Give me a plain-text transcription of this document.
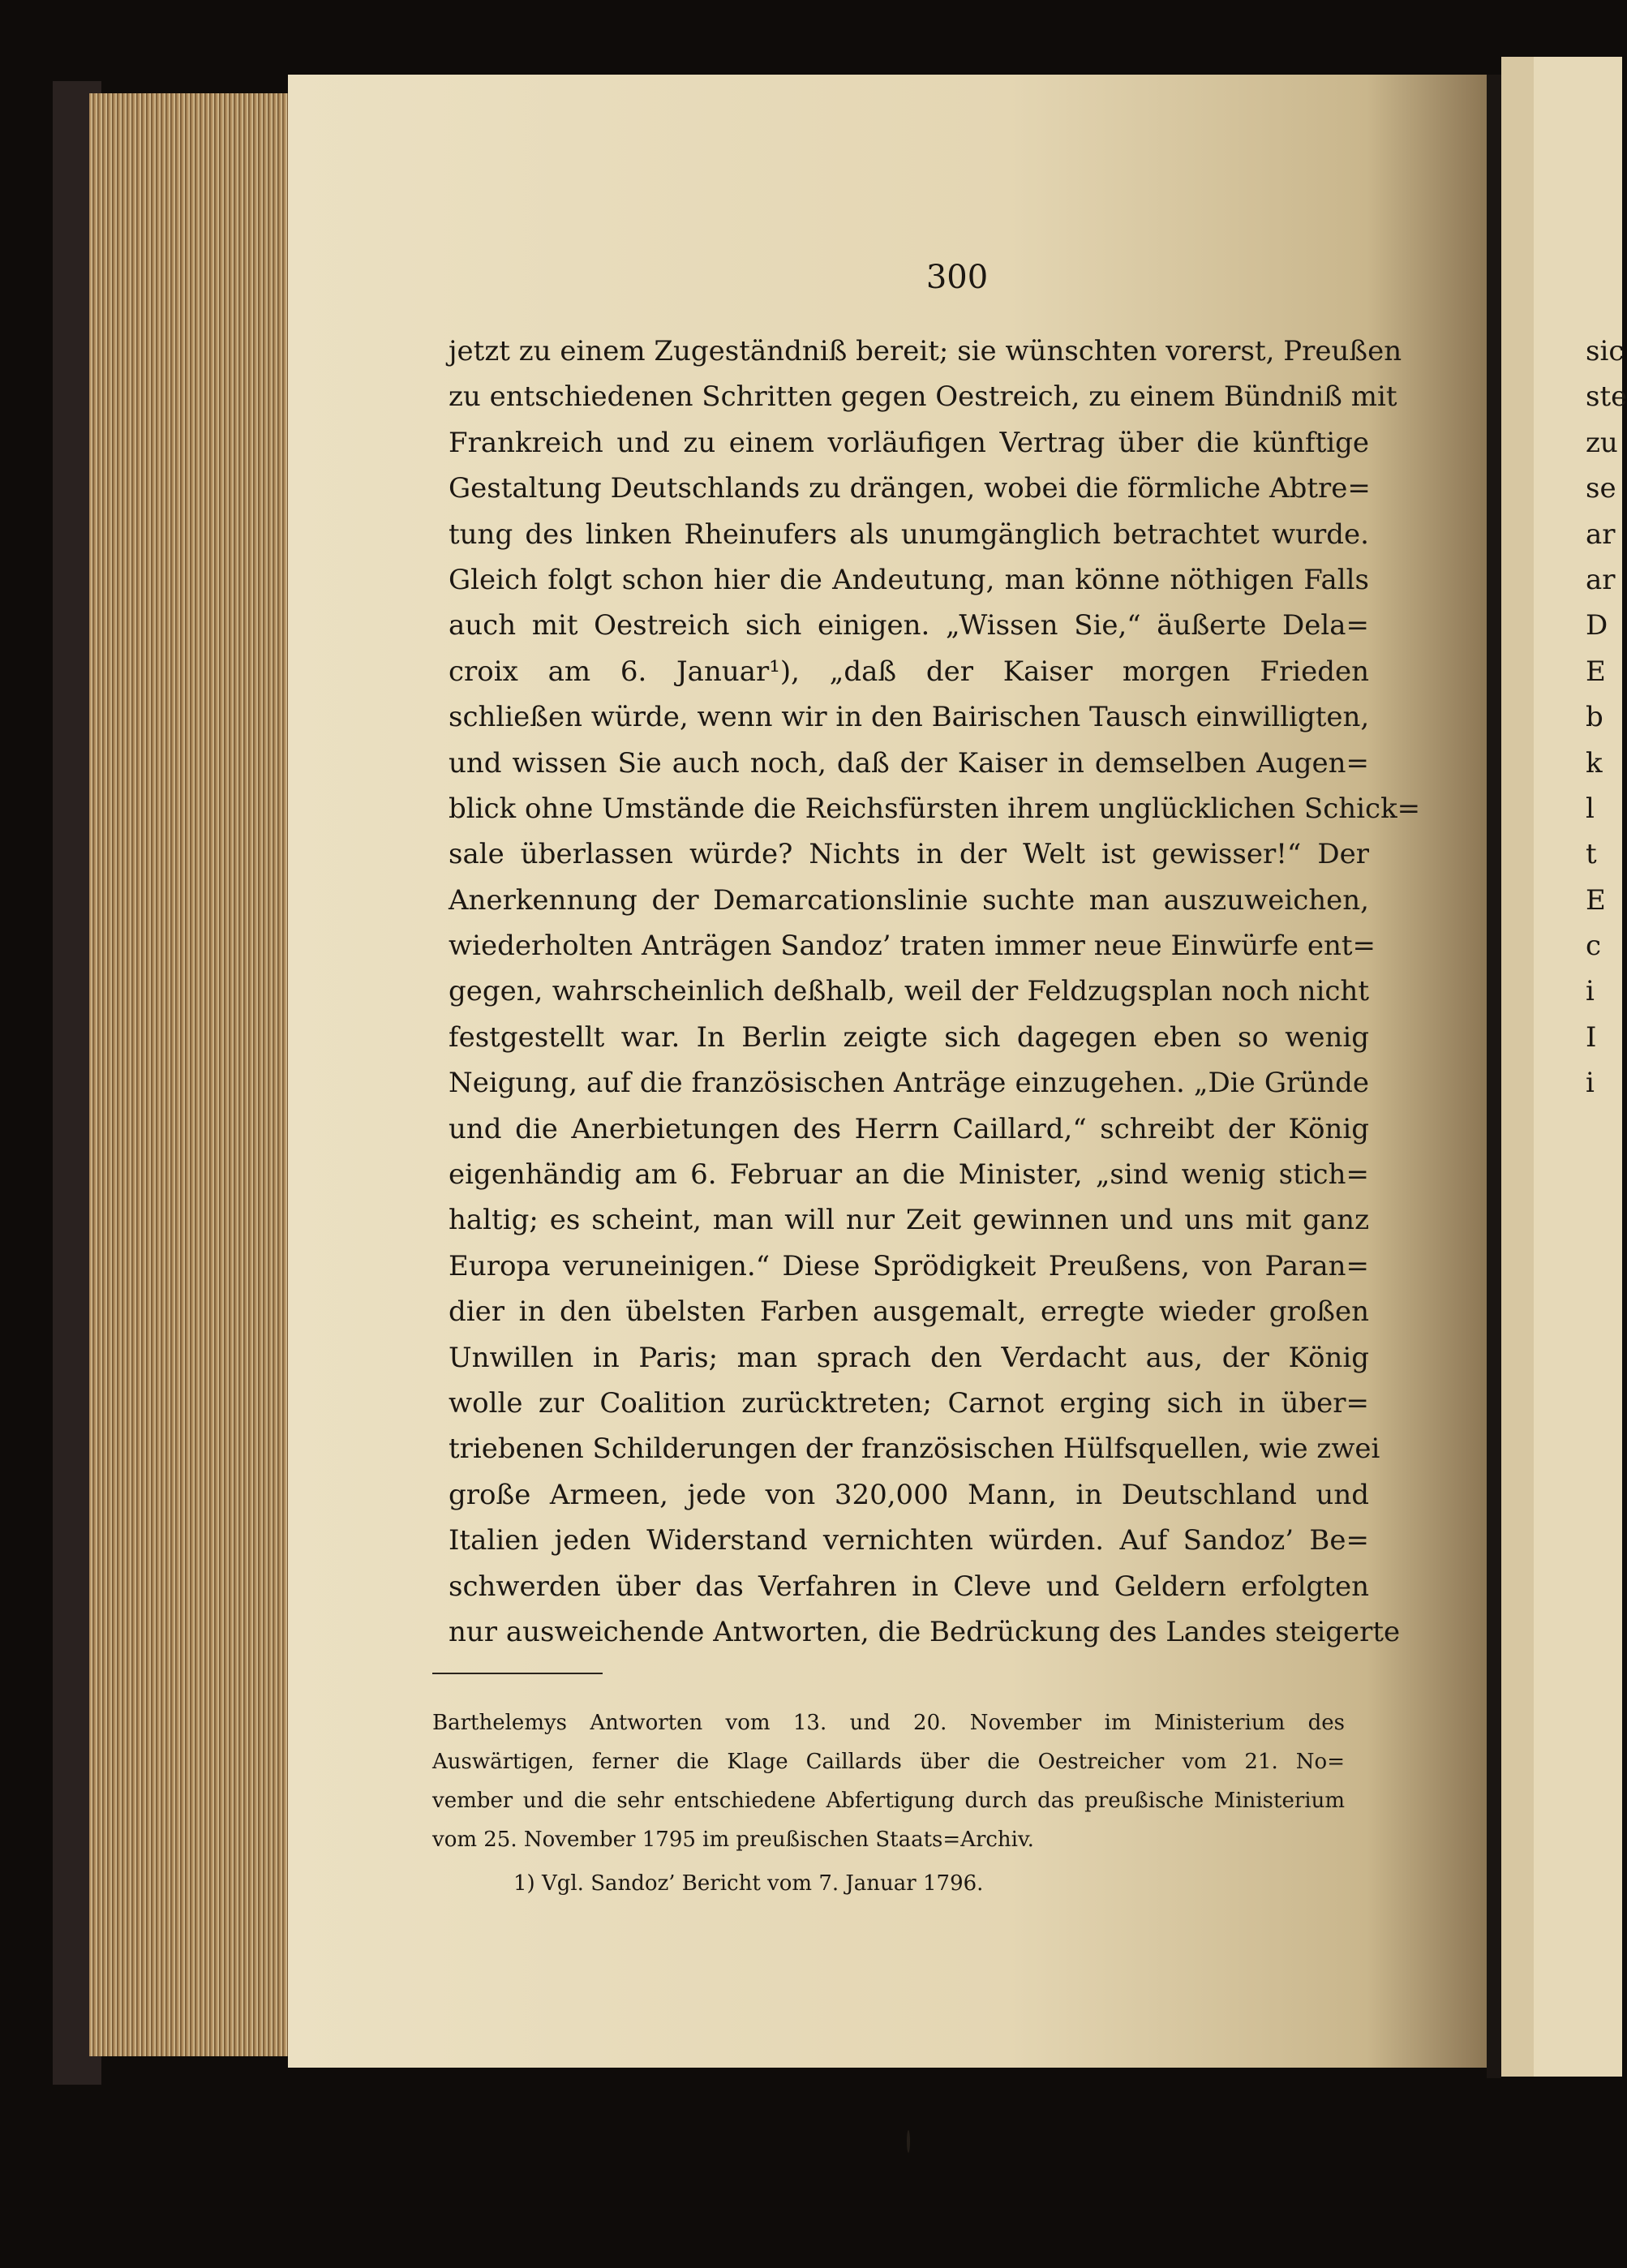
300
jetzt zu einem Zugeständniß bereit; sie wünschten vorerst, Preußen
zu entschiedenen Schritten gegen Oestreich, zu einem Bündniß mit
Frankreich und zu einem vorläufigen Vertrag über die künftige
Gestaltung Deutschlands zu drängen, wobei die förmliche Abtre=
tung des linken Rheinufers als unumgänglich betrachtet wurde.
Gleich folgt schon hier die Andeutung, man könne nöthigen Falls
auch mit Oestreich sich einigen. „Wissen Sie,“ äußerte Dela=
croix am 6. Januar¹), „daß der Kaiser morgen Frieden
schließen würde, wenn wir in den Bairischen Tausch einwilligten,
und wissen Sie auch noch, daß der Kaiser in demselben Augen=
blick ohne Umstände die Reichsfürsten ihrem unglücklichen Schick=
sale überlassen würde? Nichts in der Welt ist gewisser!“ Der
Anerkennung der Demarcationslinie suchte man auszuweichen,
wiederholten Anträgen Sandoz’ traten immer neue Einwürfe ent=
gegen, wahrscheinlich deßhalb, weil der Feldzugsplan noch nicht
festgestellt war. In Berlin zeigte sich dagegen eben so wenig
Neigung, auf die französischen Anträge einzugehen. „Die Gründe
und die Anerbietungen des Herrn Caillard,“ schreibt der König
eigenhändig am 6. Februar an die Minister, „sind wenig stich=
haltig; es scheint, man will nur Zeit gewinnen und uns mit ganz
Europa veruneinigen.“ Diese Sprödigkeit Preußens, von Paran=
dier in den übelsten Farben ausgemalt, erregte wieder großen
Unwillen in Paris; man sprach den Verdacht aus, der König
wolle zur Coalition zurücktreten; Carnot erging sich in über=
triebenen Schilderungen der französischen Hülfsquellen, wie zwei
große Armeen, jede von 320,000 Mann, in Deutschland und
Italien jeden Widerstand vernichten würden. Auf Sandoz’ Be=
schwerden über das Verfahren in Cleve und Geldern erfolgten
nur ausweichende Antworten, die Bedrückung des Landes steigerte
Barthelemys Antworten vom 13. und 20. November im Ministerium des
Auswärtigen, ferner die Klage Caillards über die Oestreicher vom 21. No=
vember und die sehr entschiedene Abfertigung durch das preußische Ministerium
vom 25. November 1795 im preußischen Staats=Archiv.
1) Vgl. Sandoz’ Bericht vom 7. Januar 1796.
sic
ste
zu
se
ar
ar
D
E
b
k
l
t
E
c
i
I
i
